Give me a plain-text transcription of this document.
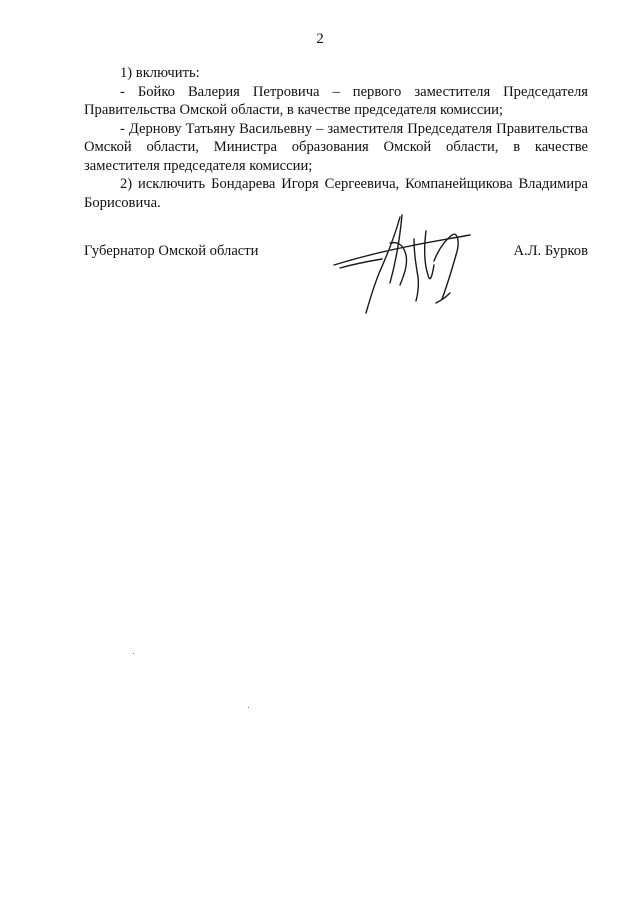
2

1) включить:

- Бойко Валерия Петровича – первого заместителя Председателя Правительства Омской области, в качестве председателя комиссии;

- Дернову Татьяну Васильевну – заместителя Председателя Правительства Омской области, Министра образования Омской области, в качестве заместителя председателя комиссии;

2) исключить Бондарева Игоря Сергеевича, Компанейщикова Владимира Борисовича.

Губернатор Омской области	А.Л. Бурков
